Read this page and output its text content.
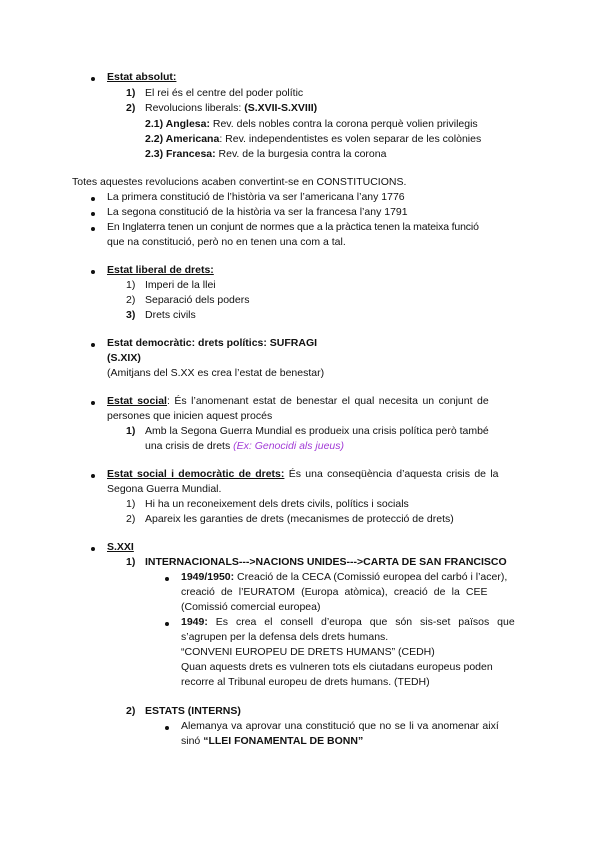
Estat absolut:
1) El rei és el centre del poder polític
2) Revolucions liberals: (S.XVII-S.XVIII)
2.1) Anglesa: Rev. dels nobles contra la corona perquè volien privilegis
2.2) Americana: Rev. independentistes es volen separar de les colònies
2.3) Francesa: Rev. de la burgesia contra la corona
Totes aquestes revolucions acaben convertint-se en CONSTITUCIONS.
La primera constitució de l’història va ser l’americana l’any 1776
La segona constitució de la història va ser la francesa l’any 1791
En Inglaterra tenen un conjunt de normes que a la pràctica tenen la mateixa funció
que na constitució, però no en tenen una com a tal.
Estat liberal de drets:
1) Imperi de la llei
2) Separació dels poders
3) Drets civils
Estat democràtic: drets polítics: SUFRAGI
(S.XIX)
(Amitjans del S.XX es crea l’estat de benestar)
Estat social: És l’anomenant estat de benestar el qual necesita un conjunt de
persones que inicien aquest procés
1) Amb la Segona Guerra Mundial es produeix una crisis política però també
una crisis de drets (Ex: Genocidi als jueus)
Estat social i democràtic de drets: És una conseqüència d’aquesta crisis de la
Segona Guerra Mundial.
1) Hi ha un reconeixement dels drets civils, polítics i socials
2) Apareix les garanties de drets (mecanismes de protecció de drets)
S.XXI
1) INTERNACIONALS--->NACIONS UNIDES--->CARTA DE SAN FRANCISCO
1949/1950: Creació de la CECA (Comissió europea del carbó i l’acer),
creació de l’EURATOM (Europa atòmica), creació de la CEE
(Comissió comercial europea)
1949: Es crea el consell d’europa que són sis-set països que
s’agrupen per la defensa dels drets humans.
“CONVENI EUROPEU DE DRETS HUMANS” (CEDH)
Quan aquests drets es vulneren tots els ciutadans europeus poden
recorre al Tribunal europeu de drets humans. (TEDH)
2) ESTATS (INTERNS)
Alemanya va aprovar una constitució que no se li va anomenar així
sinó “LLEI FONAMENTAL DE BONN”
